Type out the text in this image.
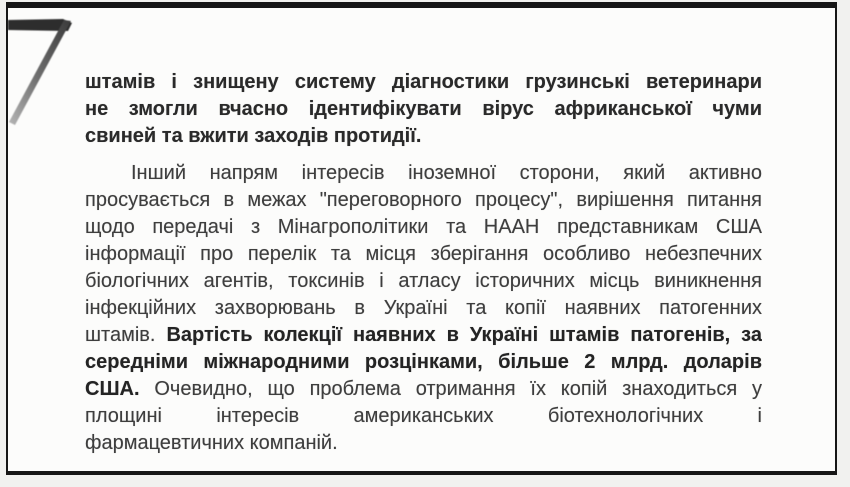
штамів і знищену систему діагностики грузинські ветеринари
не змогли вчасно ідентифікувати вірус африканської чуми
свиней та вжити заходів протидії.
Інший напрям інтересів іноземної сторони, який активно
просувається в межах "переговорного процесу", вирішення питання
щодо передачі з Мінагрополітики та НААН представникам США
інформації про перелік та місця зберігання особливо небезпечних
біологічних агентів, токсинів і атласу історичних місць виникнення
інфекційних захворювань в Україні та копії наявних патогенних
штамів. Вартість колекції наявних в Україні штамів патогенів, за
середніми міжнародними розцінками, більше 2 млрд. доларів
США. Очевидно, що проблема отримання їх копій знаходиться у
площині інтересів американських біотехнологічних і
фармацевтичних компаній.
